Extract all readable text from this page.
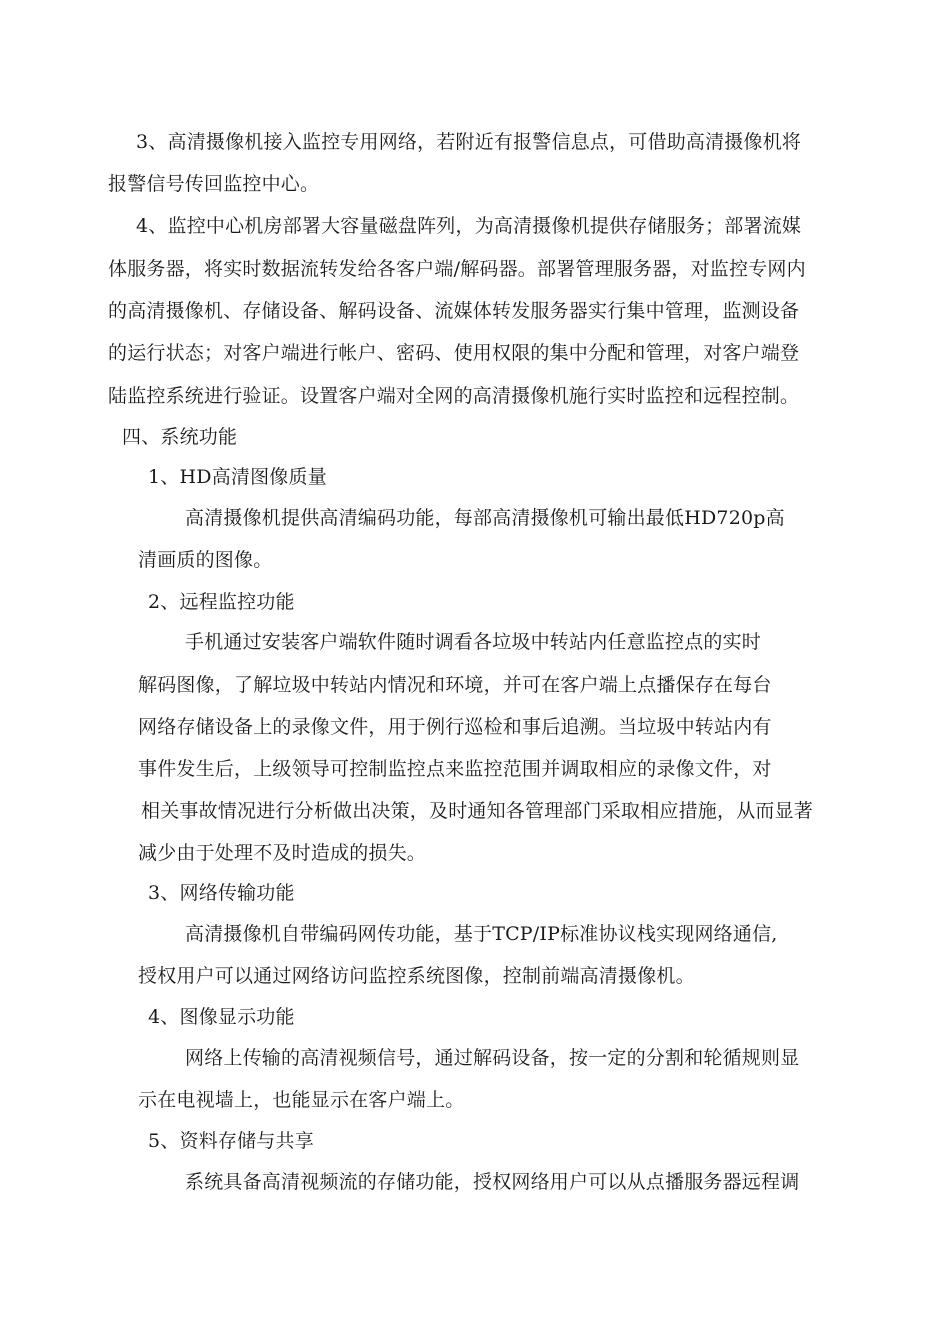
3、高清摄像机接入监控专用网络，若附近有报警信息点，可借助高清摄像机将
报警信号传回监控中心。
4、监控中心机房部署大容量磁盘阵列，为高清摄像机提供存储服务；部署流媒
体服务器，将实时数据流转发给各客户端/解码器。部署管理服务器，对监控专网内
的高清摄像机、存储设备、解码设备、流媒体转发服务器实行集中管理，监测设备
的运行状态；对客户端进行帐户、密码、使用权限的集中分配和管理，对客户端登
陆监控系统进行验证。设置客户端对全网的高清摄像机施行实时监控和远程控制。
四、系统功能
1、HD高清图像质量
高清摄像机提供高清编码功能，每部高清摄像机可输出最低HD720p高
清画质的图像。
2、远程监控功能
手机通过安装客户端软件随时调看各垃圾中转站内任意监控点的实时
解码图像，了解垃圾中转站内情况和环境，并可在客户端上点播保存在每台
网络存储设备上的录像文件，用于例行巡检和事后追溯。当垃圾中转站内有
事件发生后，上级领导可控制监控点来监控范围并调取相应的录像文件，对
相关事故情况进行分析做出决策，及时通知各管理部门采取相应措施，从而显著
减少由于处理不及时造成的损失。
3、网络传输功能
高清摄像机自带编码网传功能，基于TCP/IP标准协议栈实现网络通信,
授权用户可以通过网络访问监控系统图像，控制前端高清摄像机。
4、图像显示功能
网络上传输的高清视频信号，通过解码设备，按一定的分割和轮循规则显
示在电视墙上，也能显示在客户端上。
5、资料存储与共享
系统具备高清视频流的存储功能，授权网络用户可以从点播服务器远程调
